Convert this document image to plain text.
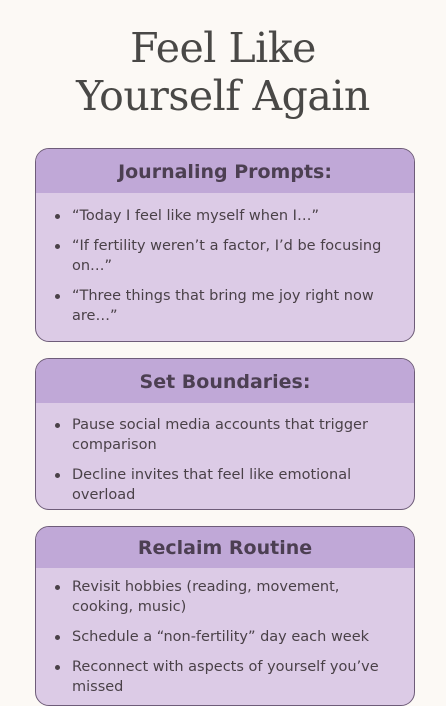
Feel Like
Yourself Again
Journaling Prompts:
“Today I feel like myself when I…”
“If fertility weren’t a factor, I’d be focusing on…”
“Three things that bring me joy right now are…”
Set Boundaries:
Pause social media accounts that trigger comparison
Decline invites that feel like emotional overload
Reclaim Routine
Revisit hobbies (reading, movement, cooking, music)
Schedule a “non-fertility” day each week
Reconnect with aspects of yourself you’ve missed
